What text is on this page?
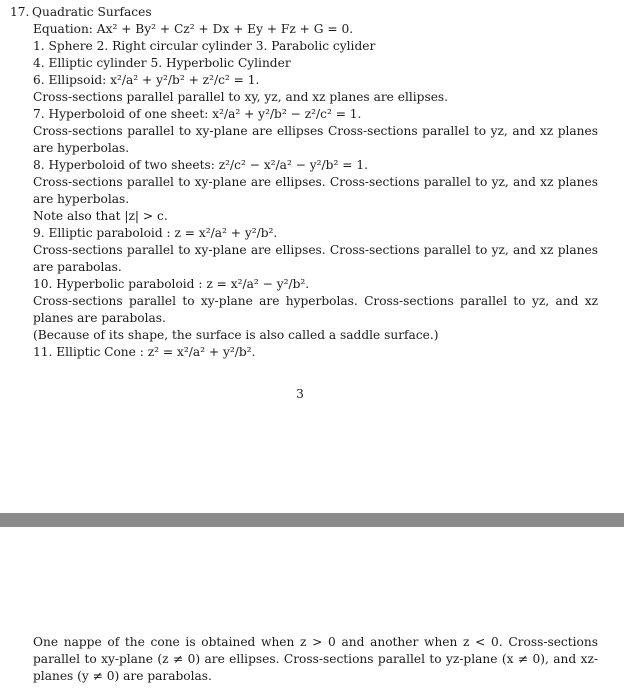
17. Quadratic Surfaces
Equation: Ax² + By² + Cz² + Dx + Ey + Fz + G = 0.
1. Sphere 2. Right circular cylinder 3. Parabolic cylider
4. Elliptic cylinder 5. Hyperbolic Cylinder
6. Ellipsoid: x²/a² + y²/b² + z²/c² = 1.
Cross-sections parallel parallel to xy, yz, and xz planes are ellipses.
7. Hyperboloid of one sheet: x²/a² + y²/b² − z²/c² = 1.
Cross-sections parallel to xy-plane are ellipses Cross-sections parallel to yz, and xz planes are hyperbolas.
8. Hyperboloid of two sheets: z²/c² − x²/a² − y²/b² = 1.
Cross-sections parallel to xy-plane are ellipses. Cross-sections parallel to yz, and xz planes are hyperbolas.
Note also that |z| > c.
9. Elliptic paraboloid : z = x²/a² + y²/b².
Cross-sections parallel to xy-plane are ellipses. Cross-sections parallel to yz, and xz planes are parabolas.
10. Hyperbolic paraboloid : z = x²/a² − y²/b².
Cross-sections parallel to xy-plane are hyperbolas. Cross-sections parallel to yz, and xz planes are parabolas.
(Because of its shape, the surface is also called a saddle surface.)
11. Elliptic Cone : z² = x²/a² + y²/b².
3
One nappe of the cone is obtained when z > 0 and another when z < 0. Cross-sections parallel to xy-plane (z ≠ 0) are ellipses. Cross-sections parallel to yz-plane (x ≠ 0), and xz-planes (y ≠ 0) are parabolas.
